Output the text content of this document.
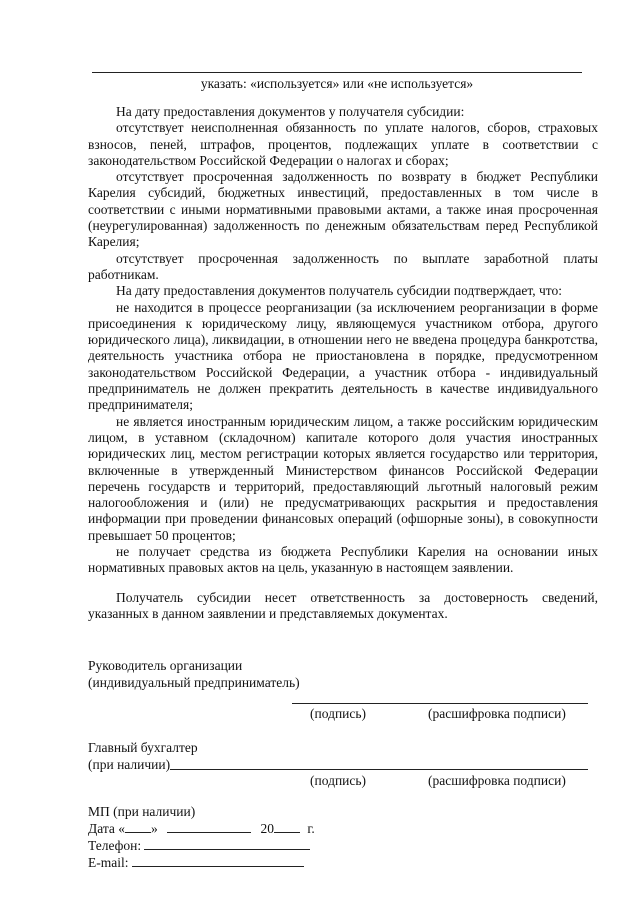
указать: «используется» или «не используется»

На дату предоставления документов у получателя субсидии:

отсутствует неисполненная обязанность по уплате налогов, сборов, страховых взносов, пеней, штрафов, процентов, подлежащих уплате в соответствии с законодательством Российской Федерации о налогах и сборах;

отсутствует просроченная задолженность по возврату в бюджет Республики Карелия субсидий, бюджетных инвестиций, предоставленных в том числе в соответствии с иными нормативными правовыми актами, а также иная просроченная (неурегулированная) задолженность по денежным обязательствам перед Республикой Карелия;

отсутствует просроченная задолженность по выплате заработной платы работникам.

На дату предоставления документов получатель субсидии подтверждает, что:

не находится в процессе реорганизации (за исключением реорганизации в форме присоединения к юридическому лицу, являющемуся участником отбора, другого юридического лица), ликвидации, в отношении него не введена процедура банкротства, деятельность участника отбора не приостановлена в порядке, предусмотренном законодательством Российской Федерации, а участник отбора - индивидуальный предприниматель не должен прекратить деятельность в качестве индивидуального предпринимателя;

не является иностранным юридическим лицом, а также российским юридическим лицом, в уставном (складочном) капитале которого доля участия иностранных юридических лиц, местом регистрации которых является государство или территория, включенные в утвержденный Министерством финансов Российской Федерации перечень государств и территорий, предоставляющий льготный налоговый режим налогообложения и (или) не предусматривающих раскрытия и предоставления информации при проведении финансовых операций (офшорные зоны), в совокупности превышает 50 процентов;

не получает средства из бюджета Республики Карелия на основании иных нормативных правовых актов на цель, указанную в настоящем заявлении.

Получатель субсидии несет ответственность за достоверность сведений, указанных в данном заявлении и представляемых документах.

Руководитель организации
(индивидуальный предприниматель)
(подпись)	(расшифровка подписи)
Главный бухгалтер
(при наличии)
(подпись)	(расшифровка подписи)
МП (при наличии)
Дата « »	20 г.
Телефон:
E-mail:
